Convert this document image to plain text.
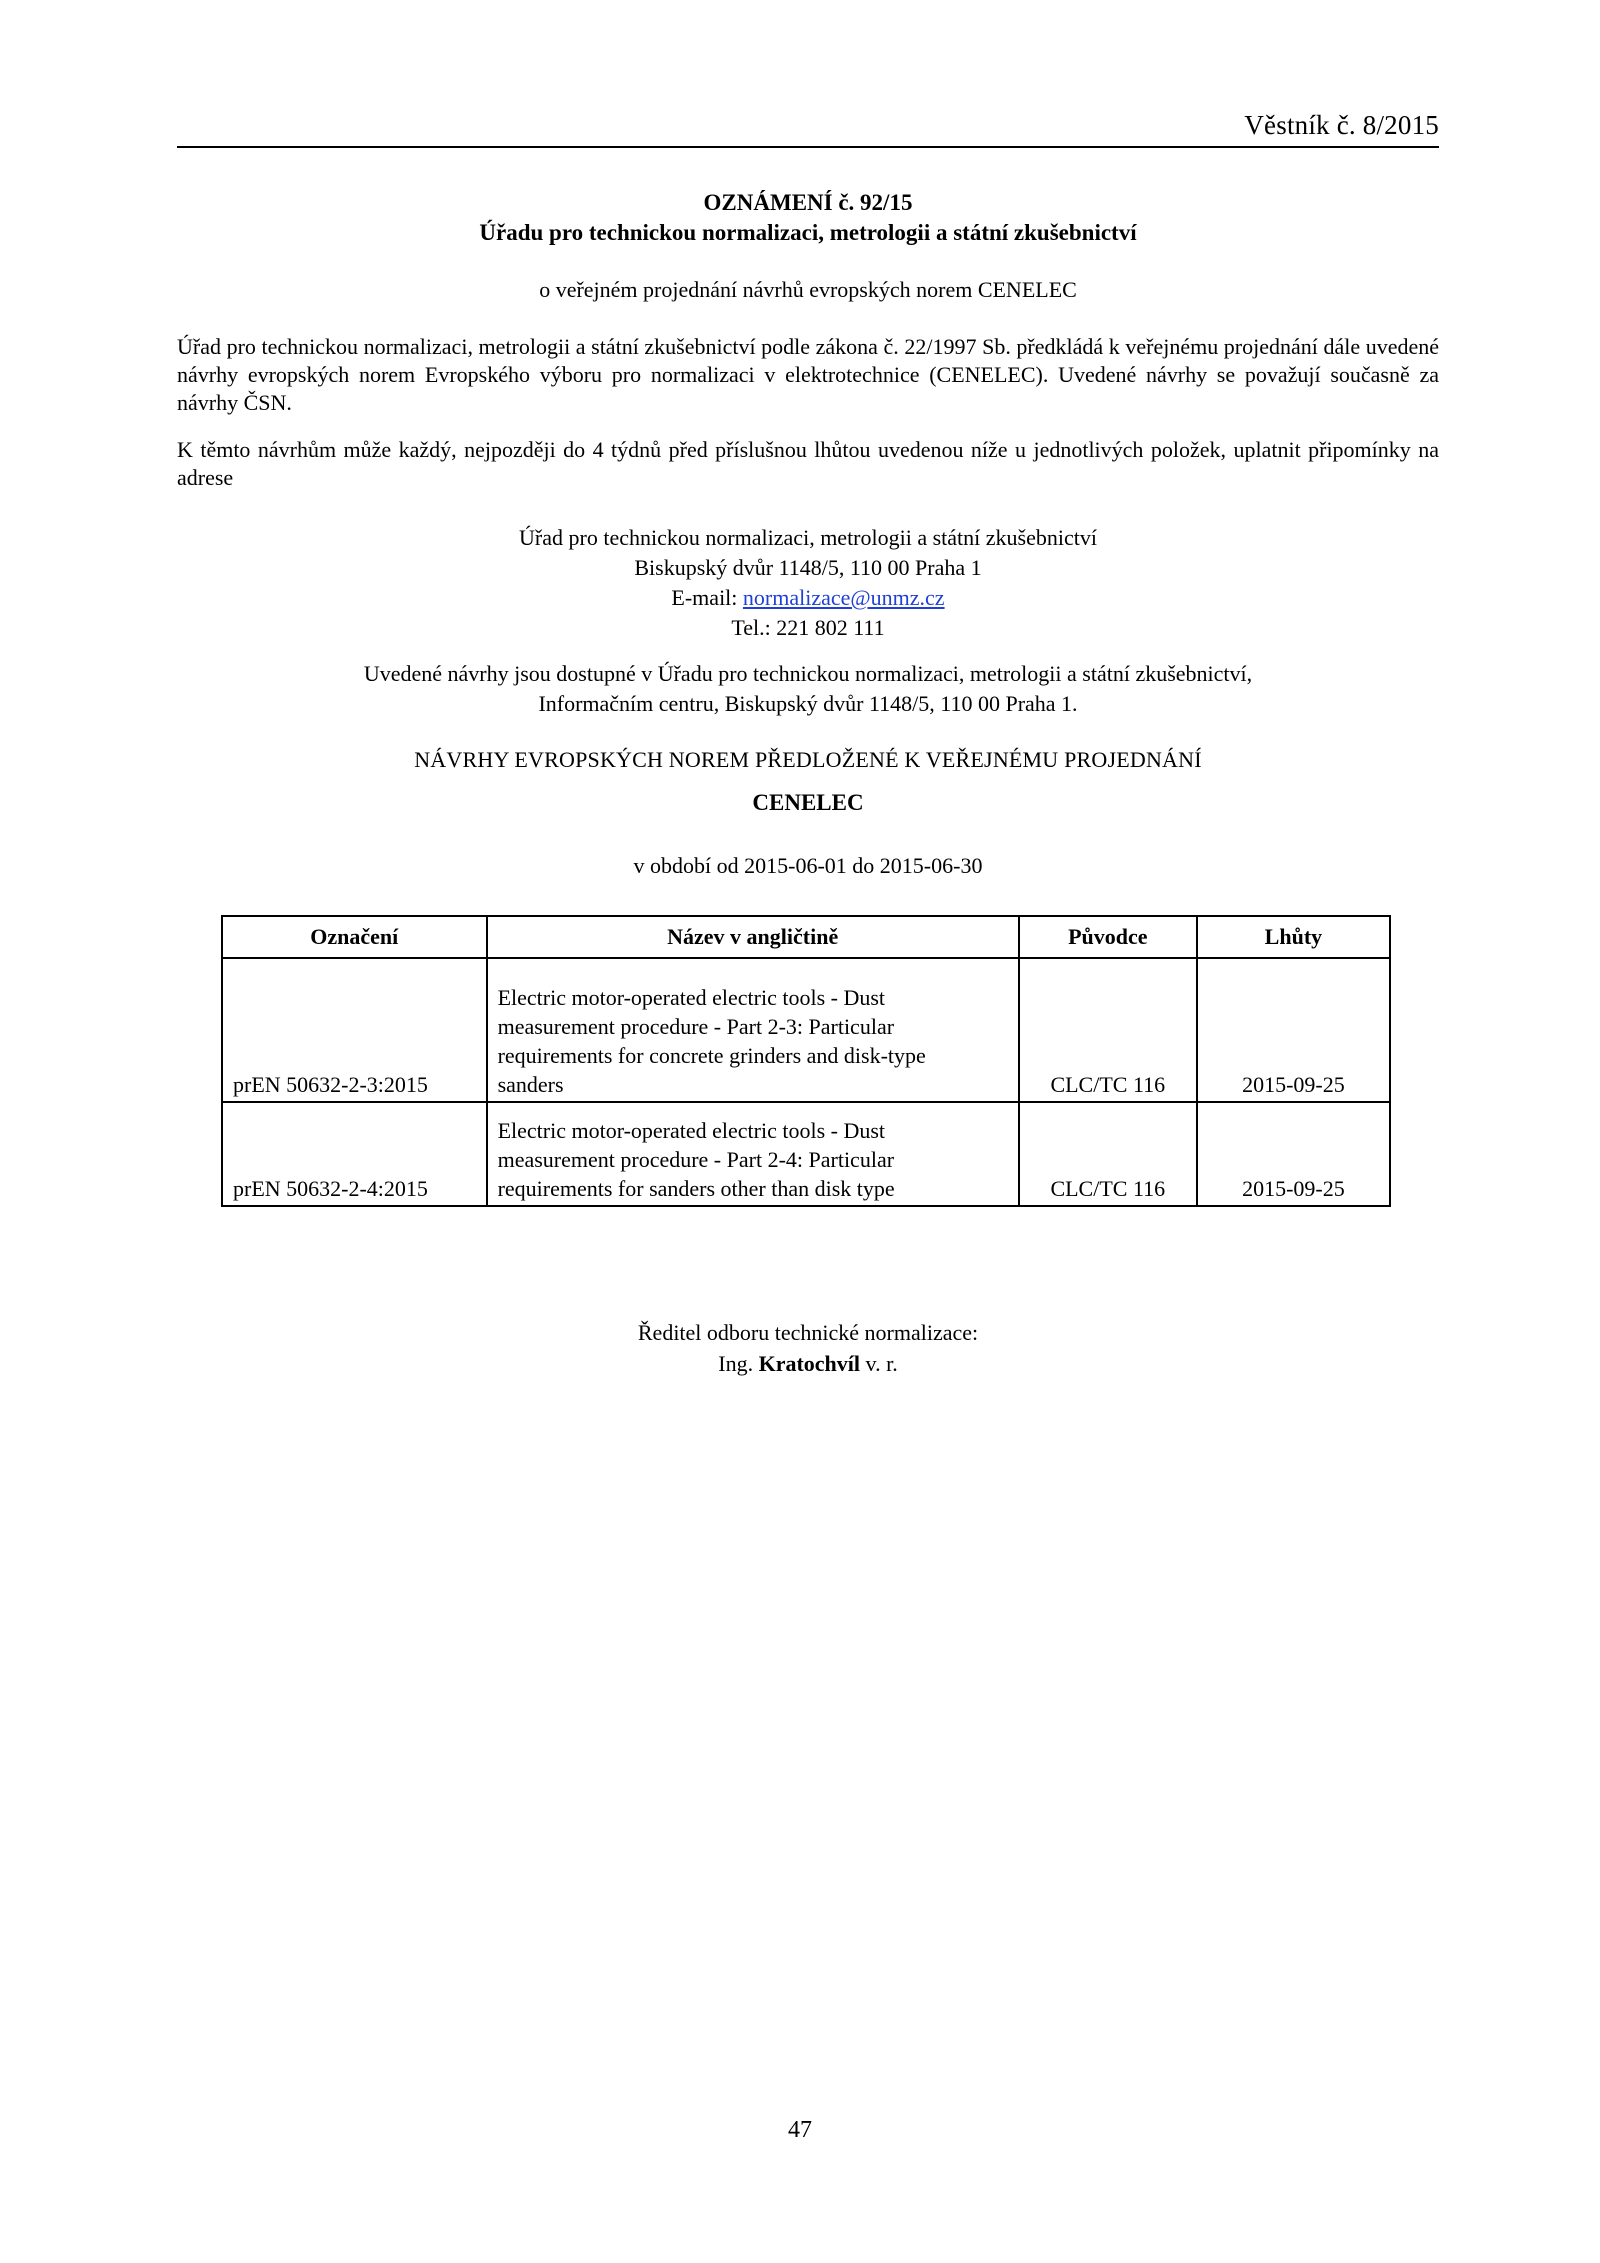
Věstník č. 8/2015
OZNÁMENÍ č. 92/15
Úřadu pro technickou normalizaci, metrologii a státní zkušebnictví
o veřejném projednání návrhů evropských norem CENELEC
Úřad pro technickou normalizaci, metrologii a státní zkušebnictví podle zákona č. 22/1997 Sb. předkládá k veřejnému projednání dále uvedené návrhy evropských norem Evropského výboru pro normalizaci v elektrotechnice (CENELEC). Uvedené návrhy se považují současně za návrhy ČSN.
K těmto návrhům může každý, nejpozději do 4 týdnů před příslušnou lhůtou uvedenou níže u jednotlivých položek, uplatnit připomínky na adrese
Úřad pro technickou normalizaci, metrologii a státní zkušebnictví
Biskupský dvůr 1148/5, 110 00 Praha 1
E-mail: normalizace@unmz.cz
Tel.: 221 802 111
Uvedené návrhy jsou dostupné v Úřadu pro technickou normalizaci, metrologii a státní zkušebnictví,
Informačním centru, Biskupský dvůr 1148/5, 110 00 Praha 1.
NÁVRHY EVROPSKÝCH NOREM PŘEDLOŽENÉ K VEŘEJNÉMU PROJEDNÁNÍ
CENELEC
v období od 2015-06-01 do 2015-06-30
Označení	Název v angličtině	Původce	Lhůty
prEN 50632-2-3:2015	Electric motor-operated electric tools - Dust
measurement procedure - Part 2-3: Particular
requirements for concrete grinders and disk-type
sanders	CLC/TC 116	2015-09-25
prEN 50632-2-4:2015	Electric motor-operated electric tools - Dust
measurement procedure - Part 2-4: Particular
requirements for sanders other than disk type	CLC/TC 116	2015-09-25
Ředitel odboru technické normalizace:
Ing. Kratochvíl v. r.
47
